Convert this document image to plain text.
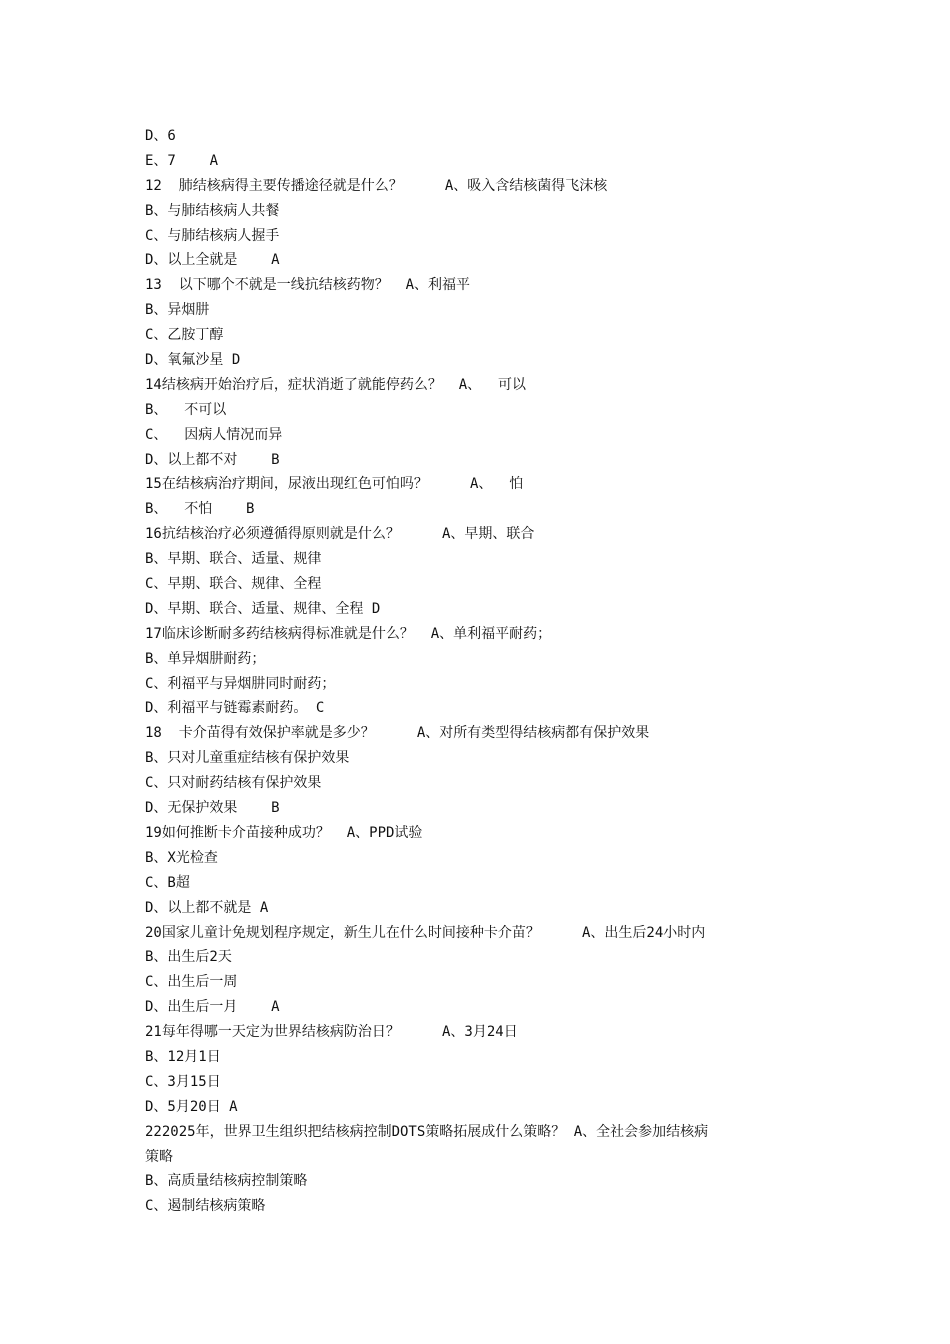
D、6
E、7    A
12  肺结核病得主要传播途径就是什么？     A、吸入含结核菌得飞沫核
B、与肺结核病人共餐
C、与肺结核病人握手
D、以上全就是    A
13  以下哪个不就是一线抗结核药物？  A、利福平
B、异烟肼
C、乙胺丁醇
D、氧氟沙星 D
14结核病开始治疗后，症状消逝了就能停药么？  A、  可以
B、  不可以
C、  因病人情况而异
D、以上都不对    B
15在结核病治疗期间，尿液出现红色可怕吗？     A、  怕
B、  不怕    B
16抗结核治疗必须遵循得原则就是什么？     A、早期、联合
B、早期、联合、适量、规律
C、早期、联合、规律、全程
D、早期、联合、适量、规律、全程 D
17临床诊断耐多药结核病得标准就是什么？  A、单利福平耐药；
B、单异烟肼耐药；
C、利福平与异烟肼同时耐药；
D、利福平与链霉素耐药。 C
18  卡介苗得有效保护率就是多少？     A、对所有类型得结核病都有保护效果
B、只对儿童重症结核有保护效果
C、只对耐药结核有保护效果
D、无保护效果    B
19如何推断卡介苗接种成功？  A、PPD试验
B、X光检查
C、B超
D、以上都不就是 A
20国家儿童计免规划程序规定，新生儿在什么时间接种卡介苗？     A、出生后24小时内
B、出生后2天
C、出生后一周
D、出生后一月    A
21每年得哪一天定为世界结核病防治日？     A、3月24日
B、12月1日
C、3月15日
D、5月20日 A
222025年，世界卫生组织把结核病控制DOTS策略拓展成什么策略？ A、全社会参加结核病
策略
B、高质量结核病控制策略
C、遏制结核病策略
